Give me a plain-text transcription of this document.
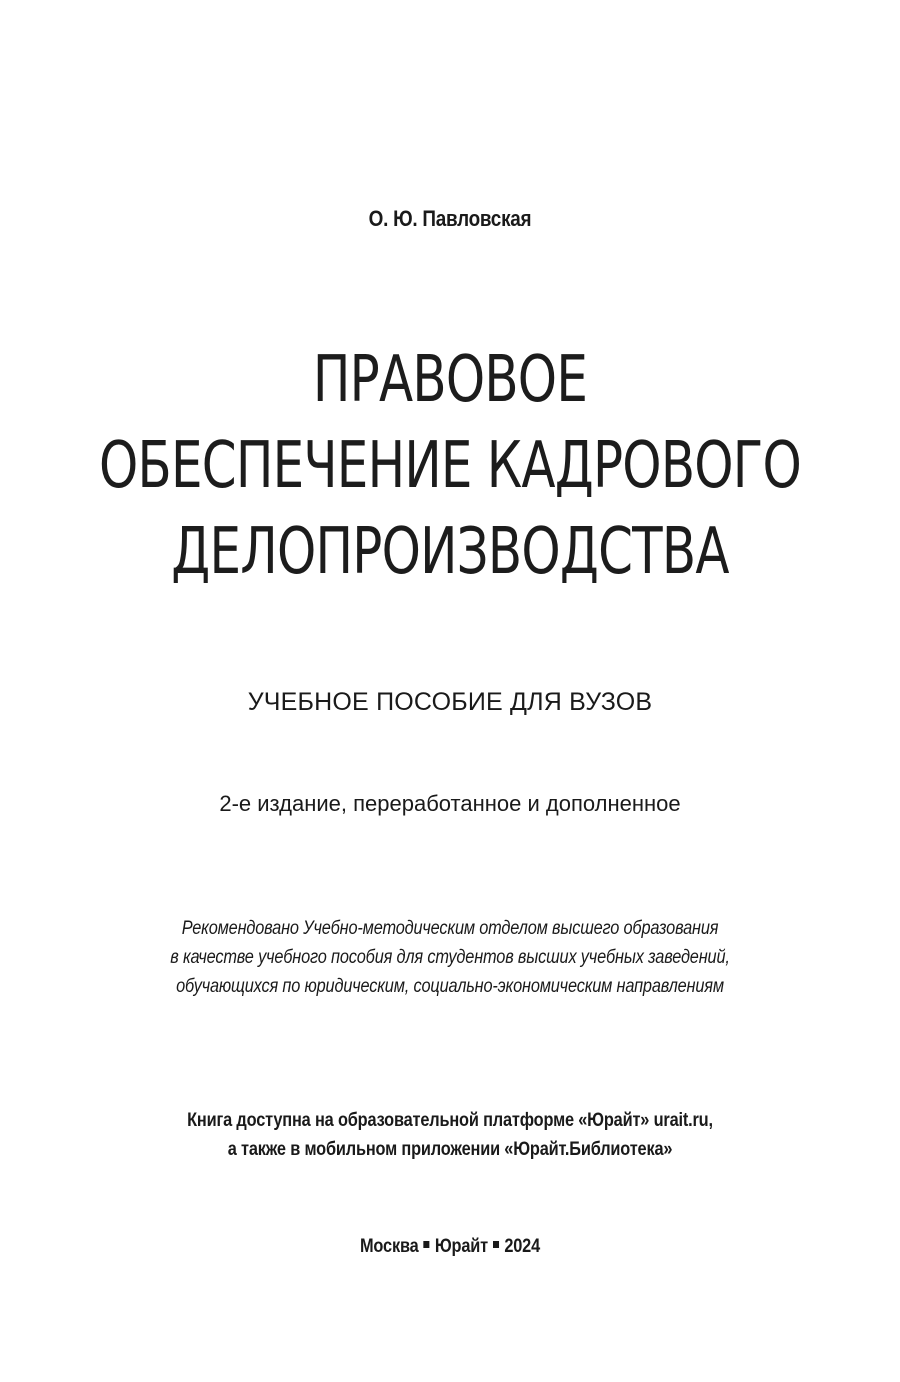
О. Ю. Павловская
ПРАВОВОЕ
ОБЕСПЕЧЕНИЕ КАДРОВОГО
ДЕЛОПРОИЗВОДСТВА
УЧЕБНОЕ ПОСОБИЕ ДЛЯ ВУЗОВ
2-е издание, переработанное и дополненное
Рекомендовано Учебно-методическим отделом высшего образования
в качестве учебного пособия для студентов высших учебных заведений,
обучающихся по юридическим, социально-экономическим направлениям
Книга доступна на образовательной платформе «Юрайт» urait.ru,
а также в мобильном приложении «Юрайт.Библиотека»
Москва Юрайт 2024
